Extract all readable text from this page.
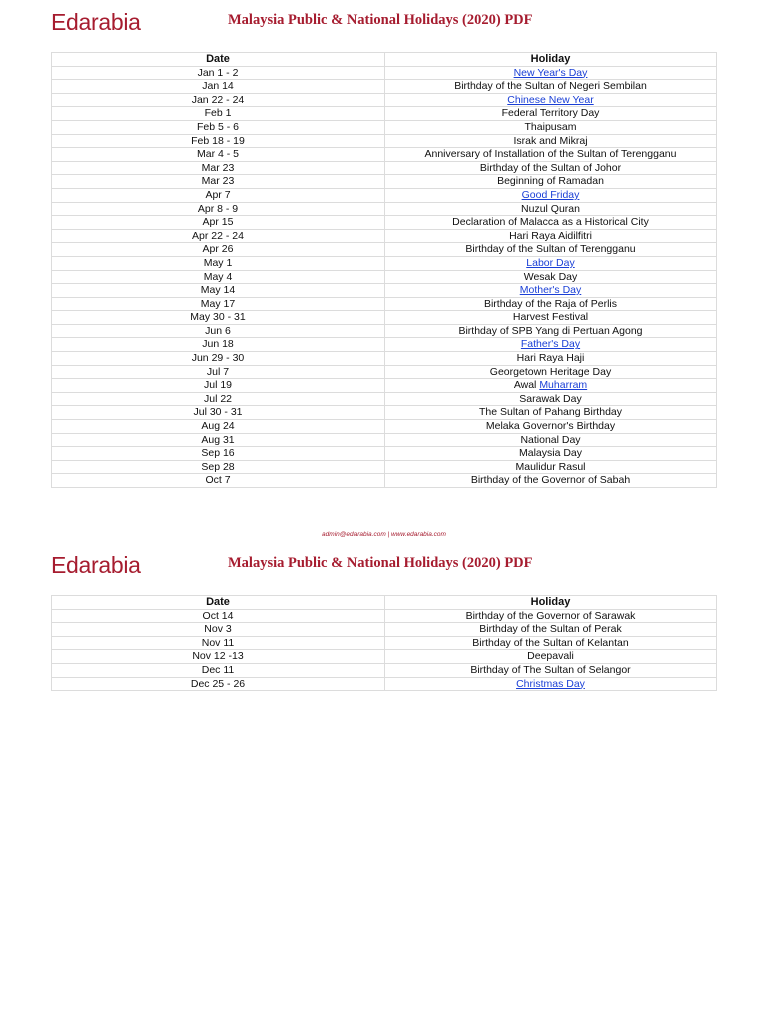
Edarabia	Malaysia Public & National Holidays (2020) PDF
Date	Holiday
Jan 1 - 2	New Year's Day
Jan 14	Birthday of the Sultan of Negeri Sembilan
Jan 22 - 24	Chinese New Year
Feb 1	Federal Territory Day
Feb 5 - 6	Thaipusam
Feb 18 - 19	Israk and Mikraj
Mar 4 - 5	Anniversary of Installation of the Sultan of Terengganu
Mar 23	Birthday of the Sultan of Johor
Mar 23	Beginning of Ramadan
Apr 7	Good Friday
Apr 8 - 9	Nuzul Quran
Apr 15	Declaration of Malacca as a Historical City
Apr 22 - 24	Hari Raya Aidilfitri
Apr 26	Birthday of the Sultan of Terengganu
May 1	Labor Day
May 4	Wesak Day
May 14	Mother's Day
May 17	Birthday of the Raja of Perlis
May 30 - 31	Harvest Festival
Jun 6	Birthday of SPB Yang di Pertuan Agong
Jun 18	Father's Day
Jun 29 - 30	Hari Raya Haji
Jul 7	Georgetown Heritage Day
Jul 19	Awal Muharram
Jul 22	Sarawak Day
Jul 30 - 31	The Sultan of Pahang Birthday
Aug 24	Melaka Governor's Birthday
Aug 31	National Day
Sep 16	Malaysia Day
Sep 28	Maulidur Rasul
Oct 7	Birthday of the Governor of Sabah
admin@edarabia.com | www.edarabia.com
Edarabia	Malaysia Public & National Holidays (2020) PDF
Date	Holiday
Oct 14	Birthday of the Governor of Sarawak
Nov 3	Birthday of the Sultan of Perak
Nov 11	Birthday of the Sultan of Kelantan
Nov 12 -13	Deepavali
Dec 11	Birthday of The Sultan of Selangor
Dec 25 - 26	Christmas Day
